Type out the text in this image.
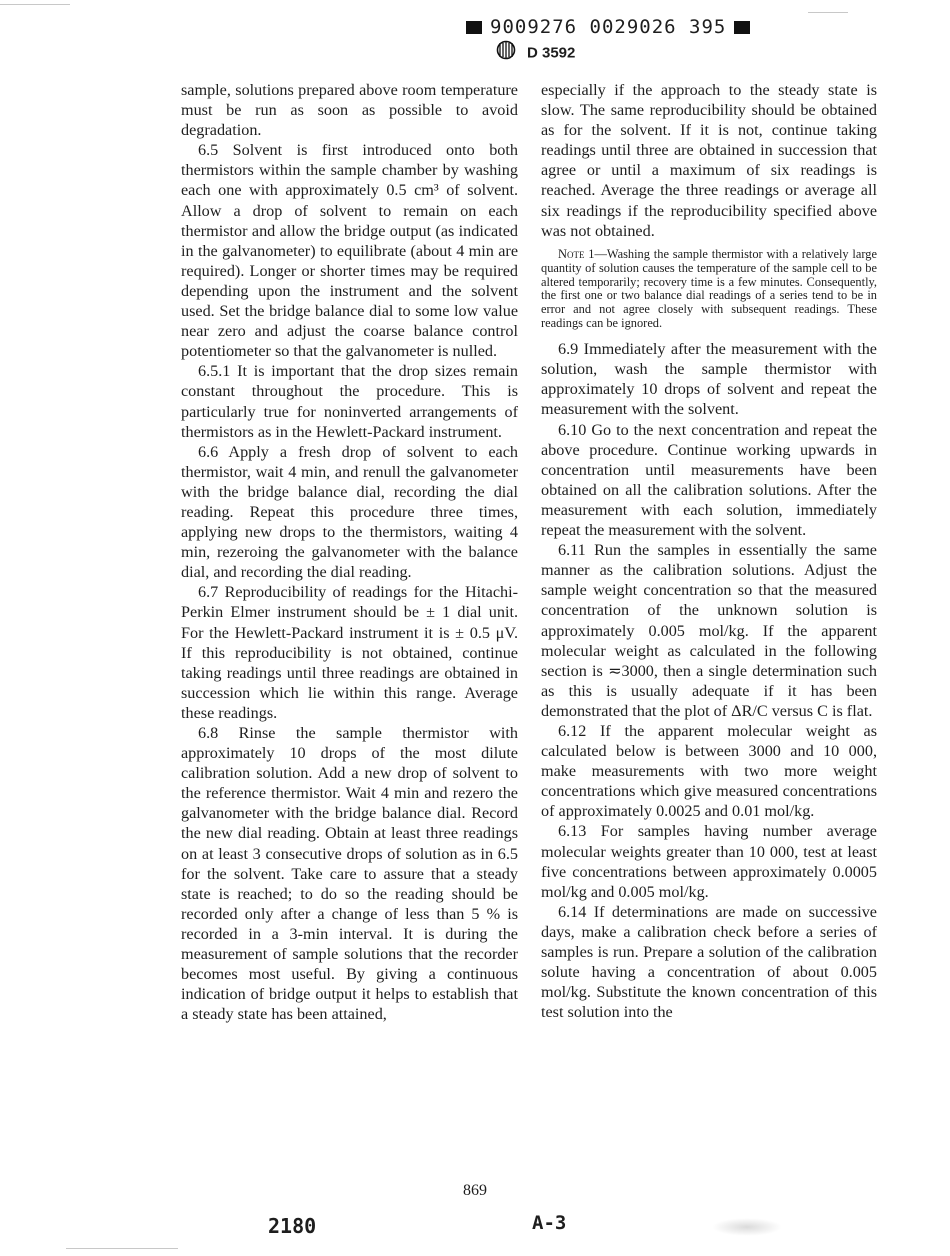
9009276 0029026 395
D 3592

sample, solutions prepared above room temperature must be run as soon as possible to avoid degradation.

6.5 Solvent is first introduced onto both thermistors within the sample chamber by washing each one with approximately 0.5 cm³ of solvent. Allow a drop of solvent to remain on each thermistor and allow the bridge output (as indicated in the galvanometer) to equilibrate (about 4 min are required). Longer or shorter times may be required depending upon the instrument and the solvent used. Set the bridge balance dial to some low value near zero and adjust the coarse balance control potentiometer so that the galvanometer is nulled.

6.5.1 It is important that the drop sizes remain constant throughout the procedure. This is particularly true for noninverted arrangements of thermistors as in the Hewlett-Packard instrument.

6.6 Apply a fresh drop of solvent to each thermistor, wait 4 min, and renull the galvanometer with the bridge balance dial, recording the dial reading. Repeat this procedure three times, applying new drops to the thermistors, waiting 4 min, rezeroing the galvanometer with the balance dial, and recording the dial reading.

6.7 Reproducibility of readings for the Hitachi-Perkin Elmer instrument should be ± 1 dial unit. For the Hewlett-Packard instrument it is ± 0.5 μV. If this reproducibility is not obtained, continue taking readings until three readings are obtained in succession which lie within this range. Average these readings.

6.8 Rinse the sample thermistor with approximately 10 drops of the most dilute calibration solution. Add a new drop of solvent to the reference thermistor. Wait 4 min and rezero the galvanometer with the bridge balance dial. Record the new dial reading. Obtain at least three readings on at least 3 consecutive drops of solution as in 6.5 for the solvent. Take care to assure that a steady state is reached; to do so the reading should be recorded only after a change of less than 5 % is recorded in a 3-min interval. It is during the measurement of sample solutions that the recorder becomes most useful. By giving a continuous indication of bridge output it helps to establish that a steady state has been attained,

especially if the approach to the steady state is slow. The same reproducibility should be obtained as for the solvent. If it is not, continue taking readings until three are obtained in succession that agree or until a maximum of six readings is reached. Average the three readings or average all six readings if the reproducibility specified above was not obtained.

Note 1—Washing the sample thermistor with a relatively large quantity of solution causes the temperature of the sample cell to be altered temporarily; recovery time is a few minutes. Consequently, the first one or two balance dial readings of a series tend to be in error and not agree closely with subsequent readings. These readings can be ignored.

6.9 Immediately after the measurement with the solution, wash the sample thermistor with approximately 10 drops of solvent and repeat the measurement with the solvent.

6.10 Go to the next concentration and repeat the above procedure. Continue working upwards in concentration until measurements have been obtained on all the calibration solutions. After the measurement with each solution, immediately repeat the measurement with the solvent.

6.11 Run the samples in essentially the same manner as the calibration solutions. Adjust the sample weight concentration so that the measured concentration of the unknown solution is approximately 0.005 mol/kg. If the apparent molecular weight as calculated in the following section is ≂3000, then a single determination such as this is usually adequate if it has been demonstrated that the plot of ΔR/C versus C is flat.

6.12 If the apparent molecular weight as calculated below is between 3000 and 10 000, make measurements with two more weight concentrations which give measured concentrations of approximately 0.0025 and 0.01 mol/kg.

6.13 For samples having number average molecular weights greater than 10 000, test at least five concentrations between approximately 0.0005 mol/kg and 0.005 mol/kg.

6.14 If determinations are made on successive days, make a calibration check before a series of samples is run. Prepare a solution of the calibration solute having a concentration of about 0.005 mol/kg. Substitute the known concentration of this test solution into the

869
2180	A-3
